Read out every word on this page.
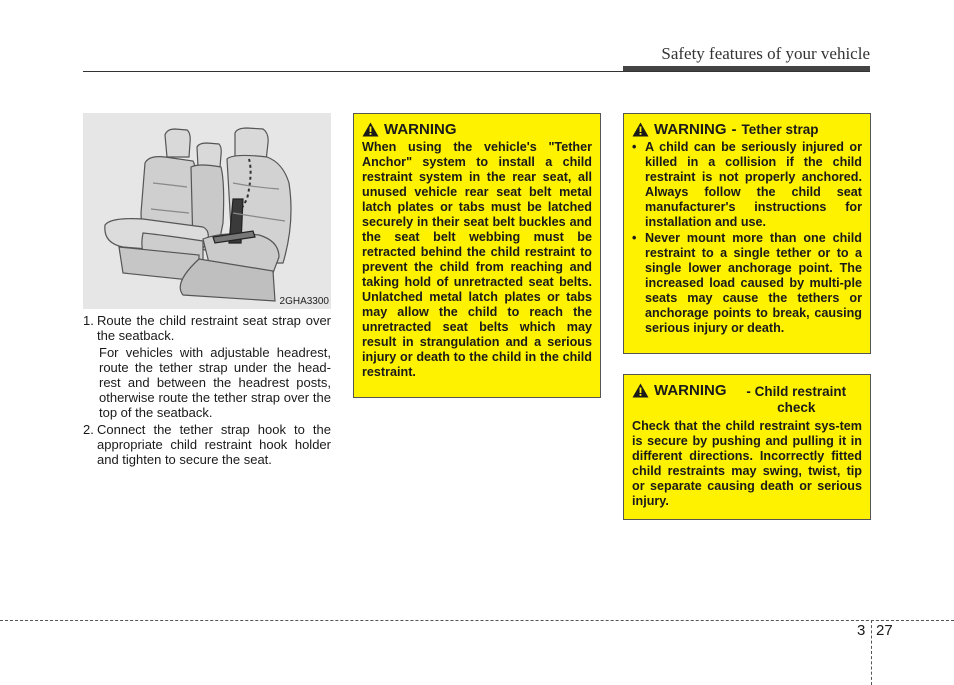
Safety features of your vehicle
2GHA3300
1. Route the child restraint seat strap over the seatback.
For vehicles with adjustable headrest, route the tether strap under the head-rest and between the headrest posts, otherwise route the tether strap over the top of the seatback.
2. Connect the tether strap hook to the appropriate child restraint hook holder and tighten to secure the seat.
WARNING
When using the vehicle's "Tether Anchor" system to install a child restraint system in the rear seat, all unused vehicle rear seat belt metal latch plates or tabs must be latched securely in their seat belt buckles and the seat belt webbing must be retracted behind the child restraint to prevent the child from reaching and taking hold of unretracted seat belts. Unlatched metal latch plates or tabs may allow the child to reach the unretracted seat belts which may result in strangulation and a serious injury or death to the child in the child restraint.
WARNING - Tether strap
• A child can be seriously injured or killed in a collision if the child restraint is not properly anchored. Always follow the child seat manufacturer's instructions for installation and use.
• Never mount more than one child restraint to a single tether or to a single lower anchorage point. The increased load caused by multi-ple seats may cause the tethers or anchorage points to break, causing serious injury or death.
WARNING	- Child restraint check
Check that the child restraint sys-tem is secure by pushing and pulling it in different directions. Incorrectly fitted child restraints may swing, twist, tip or separate causing death or serious injury.
3 27
